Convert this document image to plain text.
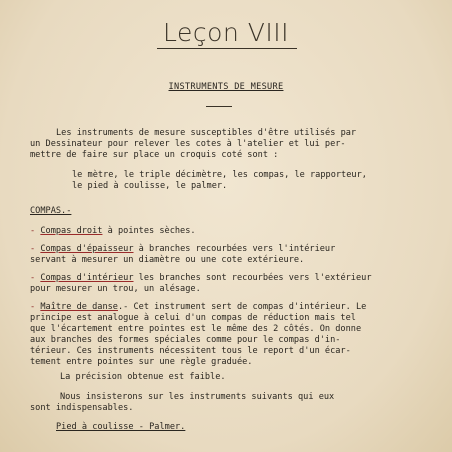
Leçon VIII
INSTRUMENTS DE MESURE
Les instruments de mesure susceptibles d'être utilisés par
un Dessinateur pour relever les cotes à l'atelier et lui per-
mettre de faire sur place un croquis coté sont :
le mètre, le triple décimètre, les compas, le rapporteur,
le pied à coulisse, le palmer.
COMPAS.-
- Compas droit à pointes sèches.
- Compas d'épaisseur à branches recourbées vers l'intérieur
servant à mesurer un diamètre ou une cote extérieure.
- Compas d'intérieur les branches sont recourbées vers l'extérieur
pour mesurer un trou, un alésage.
- Maître de danse.- Cet instrument sert de compas d'intérieur. Le
principe est analogue à celui d'un compas de réduction mais tel
que l'écartement entre pointes est le même des 2 côtés. On donne
aux branches des formes spéciales comme pour le compas d'in-
térieur. Ces instruments nécessitent tous le report d'un écar-
tement entre pointes sur une règle graduée.
La précision obtenue est faible.
Nous insisterons sur les instruments suivants qui eux
sont indispensables.
Pied à coulisse - Palmer.
